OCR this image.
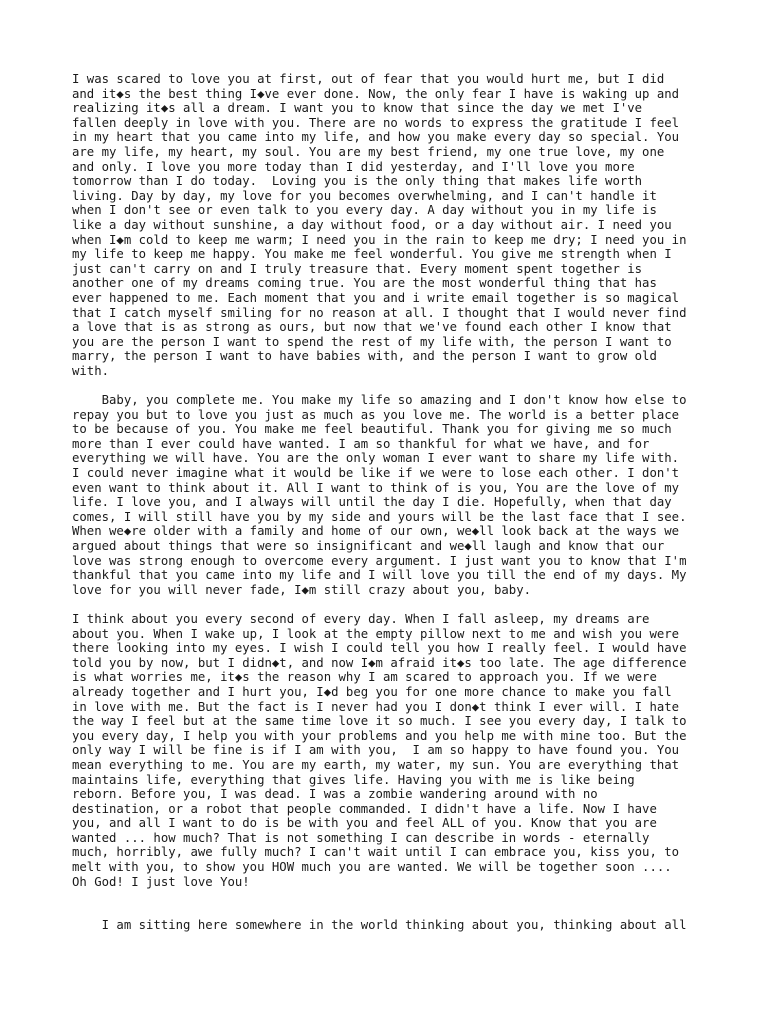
I was scared to love you at first, out of fear that you would hurt me, but I did
and it◆s the best thing I◆ve ever done. Now, the only fear I have is waking up and
realizing it◆s all a dream. I want you to know that since the day we met I've
fallen deeply in love with you. There are no words to express the gratitude I feel
in my heart that you came into my life, and how you make every day so special. You
are my life, my heart, my soul. You are my best friend, my one true love, my one
and only. I love you more today than I did yesterday, and I'll love you more
tomorrow than I do today.  Loving you is the only thing that makes life worth
living. Day by day, my love for you becomes overwhelming, and I can't handle it
when I don't see or even talk to you every day. A day without you in my life is
like a day without sunshine, a day without food, or a day without air. I need you
when I◆m cold to keep me warm; I need you in the rain to keep me dry; I need you in
my life to keep me happy. You make me feel wonderful. You give me strength when I
just can't carry on and I truly treasure that. Every moment spent together is
another one of my dreams coming true. You are the most wonderful thing that has
ever happened to me. Each moment that you and i write email together is so magical
that I catch myself smiling for no reason at all. I thought that I would never find
a love that is as strong as ours, but now that we've found each other I know that
you are the person I want to spend the rest of my life with, the person I want to
marry, the person I want to have babies with, and the person I want to grow old
with.
Baby, you complete me. You make my life so amazing and I don't know how else to
repay you but to love you just as much as you love me. The world is a better place
to be because of you. You make me feel beautiful. Thank you for giving me so much
more than I ever could have wanted. I am so thankful for what we have, and for
everything we will have. You are the only woman I ever want to share my life with.
I could never imagine what it would be like if we were to lose each other. I don't
even want to think about it. All I want to think of is you, You are the love of my
life. I love you, and I always will until the day I die. Hopefully, when that day
comes, I will still have you by my side and yours will be the last face that I see.
When we◆re older with a family and home of our own, we◆ll look back at the ways we
argued about things that were so insignificant and we◆ll laugh and know that our
love was strong enough to overcome every argument. I just want you to know that I'm
thankful that you came into my life and I will love you till the end of my days. My
love for you will never fade, I◆m still crazy about you, baby.
I think about you every second of every day. When I fall asleep, my dreams are
about you. When I wake up, I look at the empty pillow next to me and wish you were
there looking into my eyes. I wish I could tell you how I really feel. I would have
told you by now, but I didn◆t, and now I◆m afraid it◆s too late. The age difference
is what worries me, it◆s the reason why I am scared to approach you. If we were
already together and I hurt you, I◆d beg you for one more chance to make you fall
in love with me. But the fact is I never had you I don◆t think I ever will. I hate
the way I feel but at the same time love it so much. I see you every day, I talk to
you every day, I help you with your problems and you help me with mine too. But the
only way I will be fine is if I am with you,  I am so happy to have found you. You
mean everything to me. You are my earth, my water, my sun. You are everything that
maintains life, everything that gives life. Having you with me is like being
reborn. Before you, I was dead. I was a zombie wandering around with no
destination, or a robot that people commanded. I didn't have a life. Now I have
you, and all I want to do is be with you and feel ALL of you. Know that you are
wanted ... how much? That is not something I can describe in words - eternally
much, horribly, awe fully much? I can't wait until I can embrace you, kiss you, to
melt with you, to show you HOW much you are wanted. We will be together soon ....
Oh God! I just love You!
I am sitting here somewhere in the world thinking about you, thinking about all
